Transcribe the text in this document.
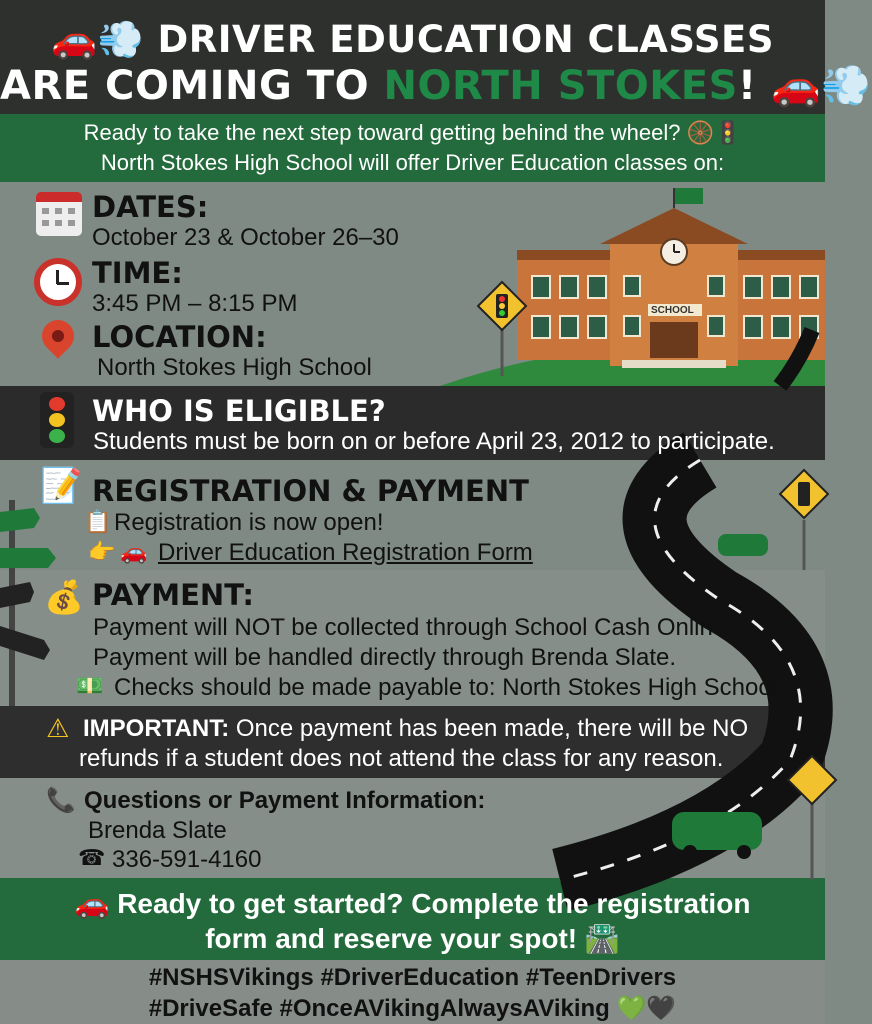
🚗💨 DRIVER EDUCATION CLASSES
ARE COMING TO NORTH STOKES! 🚗💨
Ready to take the next step toward getting behind the wheel? 🛞🚦
North Stokes High School will offer Driver Education classes on:
DATES:
October 23 & October 26–30
TIME:
3:45 PM – 8:15 PM
LOCATION:
North Stokes High School
SCHOOL
WHO IS ELIGIBLE?
Students must be born on or before April 23, 2012 to participate.
📝 REGISTRATION & PAYMENT
📋 Registration is now open!
👉 🚗 Driver Education Registration Form
💰 PAYMENT:
Payment will NOT be collected through School Cash Online.
Payment will be handled directly through Brenda Slate.
💵 Checks should be made payable to: North Stokes High School
⚠ IMPORTANT: Once payment has been made, there will be NO
refunds if a student does not attend the class for any reason.
📞 Questions or Payment Information:
Brenda Slate
☎ 336-591-4160
🚗 Ready to get started? Complete the registration
form and reserve your spot! 🛣️
#NSHSVikings #DriverEducation #TeenDrivers
#DriveSafe #OnceAVikingAlwaysAViking 💚🖤
